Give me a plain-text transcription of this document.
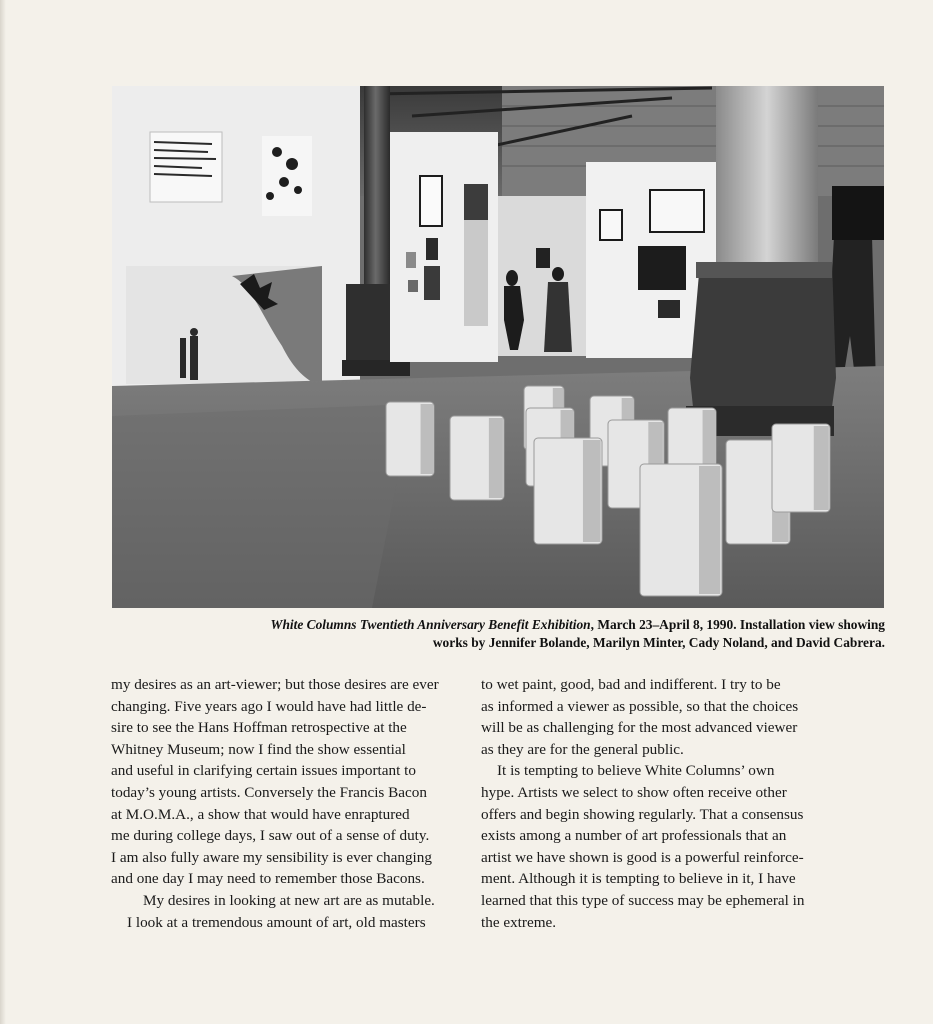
White Columns Twentieth Anniversary Benefit Exhibition, March 23–April 8, 1990. Installation view showing
works by Jennifer Bolande, Marilyn Minter, Cady Noland, and David Cabrera.

my desires as an art-viewer; but those desires are ever
changing. Five years ago I would have had little de-
sire to see the Hans Hoffman retrospective at the
Whitney Museum; now I find the show essential
and useful in clarifying certain issues important to
today’s young artists. Conversely the Francis Bacon
at M.O.M.A., a show that would have enraptured
me during college days, I saw out of a sense of duty.
I am also fully aware my sensibility is ever changing
and one day I may need to remember those Bacons.

My desires in looking at new art are as mutable.
I look at a tremendous amount of art, old masters

to wet paint, good, bad and indifferent. I try to be
as informed a viewer as possible, so that the choices
will be as challenging for the most advanced viewer
as they are for the general public.

It is tempting to believe White Columns’ own
hype. Artists we select to show often receive other
offers and begin showing regularly. That a consensus
exists among a number of art professionals that an
artist we have shown is good is a powerful reinforce-
ment. Although it is tempting to believe in it, I have
learned that this type of success may be ephemeral in
the extreme.
